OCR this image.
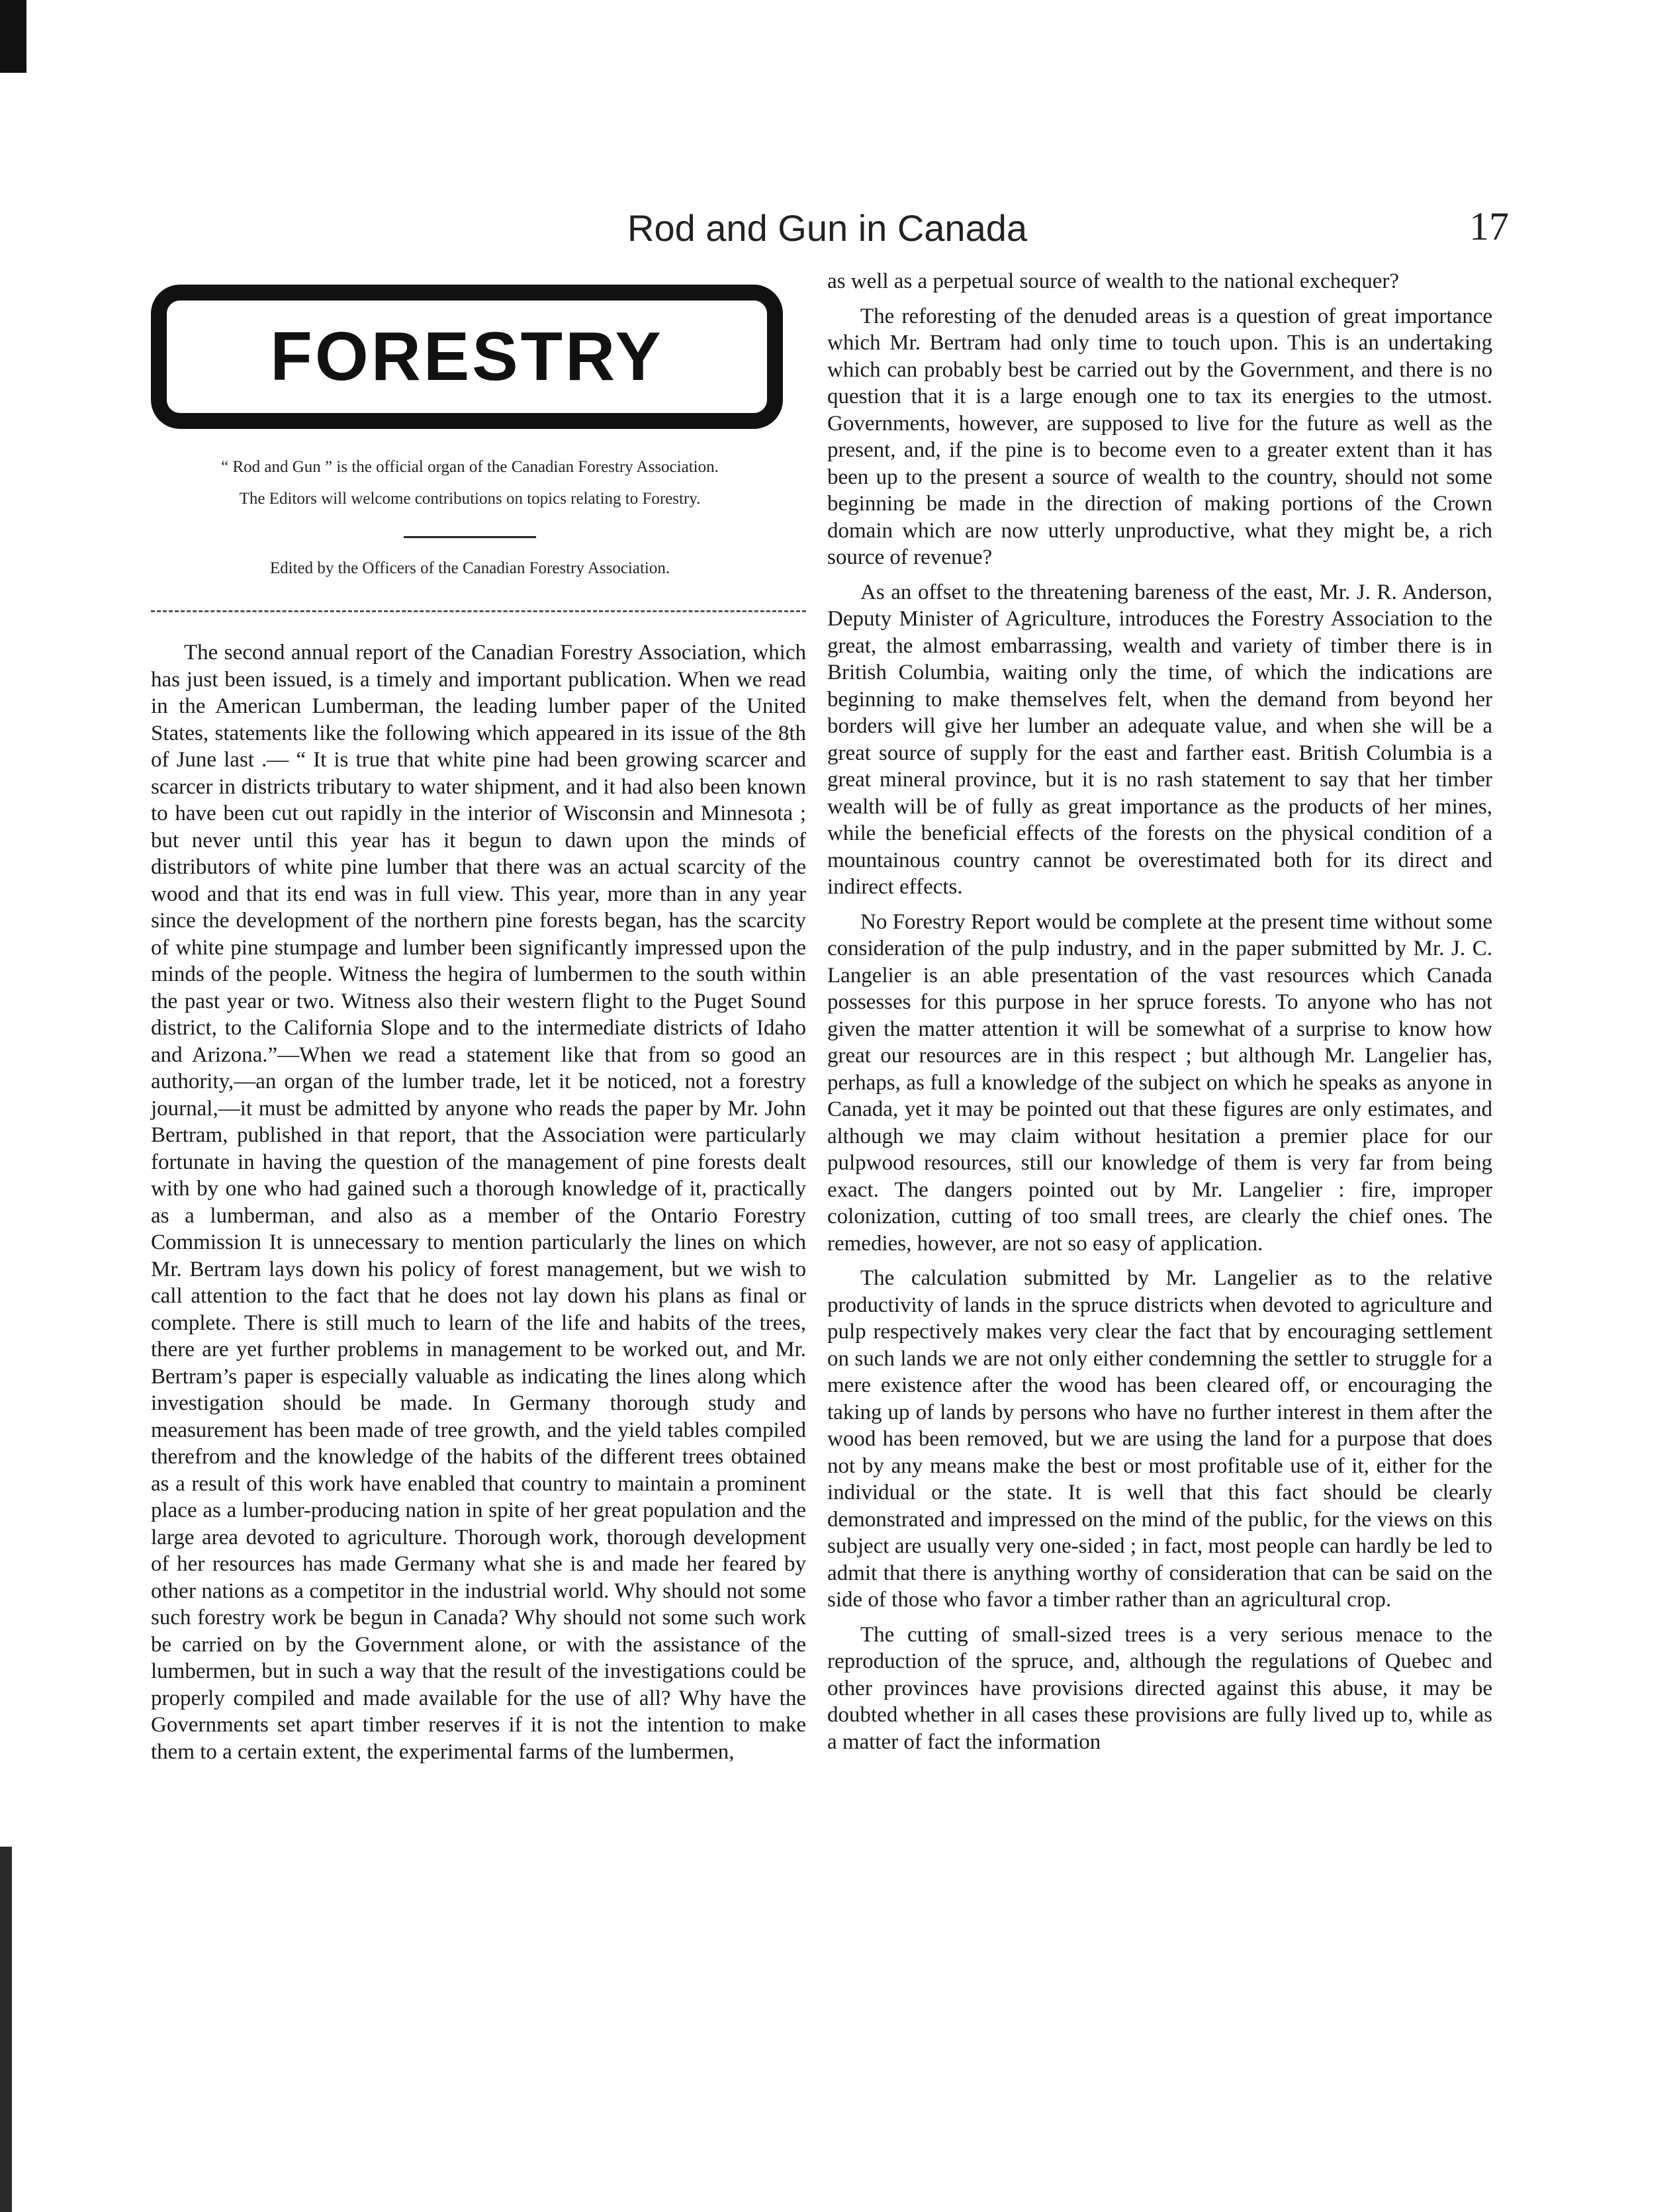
Rod and Gun in Canada	17
FORESTRY
“ Rod and Gun ” is the official organ of the Canadian Forestry Association.
The Editors will welcome contributions on topics relating to Forestry.
Edited by the Officers of the Canadian Forestry Association.

The second annual report of the Canadian Forestry Association, which has just been issued, is a timely and important publication. When we read in the American Lumberman, the leading lumber paper of the United States, statements like the following which appeared in its issue of the 8th of June last .— “ It is true that white pine had been growing scarcer and scarcer in districts tributary to water shipment, and it had also been known to have been cut out rapidly in the interior of Wisconsin and Minnesota ; but never until this year has it begun to dawn upon the minds of distributors of white pine lumber that there was an actual scarcity of the wood and that its end was in full view. This year, more than in any year since the development of the northern pine forests began, has the scarcity of white pine stumpage and lumber been significantly impressed upon the minds of the people. Witness the hegira of lumbermen to the south within the past year or two. Witness also their western flight to the Puget Sound district, to the California Slope and to the intermediate districts of Idaho and Arizona.”—When we read a statement like that from so good an authority,—an organ of the lumber trade, let it be noticed, not a forestry journal,—it must be admitted by anyone who reads the paper by Mr. John Bertram, published in that report, that the Association were particularly fortunate in having the question of the management of pine forests dealt with by one who had gained such a thorough knowledge of it, practically as a lumberman, and also as a member of the Ontario Forestry Commission It is unnecessary to mention particularly the lines on which Mr. Bertram lays down his policy of forest management, but we wish to call attention to the fact that he does not lay down his plans as final or complete. There is still much to learn of the life and habits of the trees, there are yet further problems in management to be worked out, and Mr. Bertram’s paper is especially valuable as indicating the lines along which investigation should be made. In Germany thorough study and measurement has been made of tree growth, and the yield tables compiled therefrom and the knowledge of the habits of the different trees obtained as a result of this work have enabled that country to maintain a prominent place as a lumber-producing nation in spite of her great population and the large area devoted to agriculture. Thorough work, thorough development of her resources has made Germany what she is and made her feared by other nations as a competitor in the industrial world. Why should not some such forestry work be begun in Canada? Why should not some such work be carried on by the Government alone, or with the assistance of the lumbermen, but in such a way that the result of the investigations could be properly compiled and made available for the use of all? Why have the Governments set apart timber reserves if it is not the intention to make them to a certain extent, the experimental farms of the lumbermen,

as well as a perpetual source of wealth to the national exchequer?

The reforesting of the denuded areas is a question of great importance which Mr. Bertram had only time to touch upon. This is an undertaking which can probably best be carried out by the Government, and there is no question that it is a large enough one to tax its energies to the utmost. Governments, however, are supposed to live for the future as well as the present, and, if the pine is to become even to a greater extent than it has been up to the present a source of wealth to the country, should not some beginning be made in the direction of making portions of the Crown domain which are now utterly unproductive, what they might be, a rich source of revenue?

As an offset to the threatening bareness of the east, Mr. J. R. Anderson, Deputy Minister of Agriculture, introduces the Forestry Association to the great, the almost embarrassing, wealth and variety of timber there is in British Columbia, waiting only the time, of which the indications are beginning to make themselves felt, when the demand from beyond her borders will give her lumber an adequate value, and when she will be a great source of supply for the east and farther east. British Columbia is a great mineral province, but it is no rash statement to say that her timber wealth will be of fully as great importance as the products of her mines, while the beneficial effects of the forests on the physical condition of a mountainous country cannot be overestimated both for its direct and indirect effects.

No Forestry Report would be complete at the present time without some consideration of the pulp industry, and in the paper submitted by Mr. J. C. Langelier is an able presentation of the vast resources which Canada possesses for this purpose in her spruce forests. To anyone who has not given the matter attention it will be somewhat of a surprise to know how great our resources are in this respect ; but although Mr. Langelier has, perhaps, as full a knowledge of the subject on which he speaks as anyone in Canada, yet it may be pointed out that these figures are only estimates, and although we may claim without hesitation a premier place for our pulpwood resources, still our knowledge of them is very far from being exact. The dangers pointed out by Mr. Langelier : fire, improper colonization, cutting of too small trees, are clearly the chief ones. The remedies, however, are not so easy of application.

The calculation submitted by Mr. Langelier as to the relative productivity of lands in the spruce districts when devoted to agriculture and pulp respectively makes very clear the fact that by encouraging settlement on such lands we are not only either condemning the settler to struggle for a mere existence after the wood has been cleared off, or encouraging the taking up of lands by persons who have no further interest in them after the wood has been removed, but we are using the land for a purpose that does not by any means make the best or most profitable use of it, either for the individual or the state. It is well that this fact should be clearly demonstrated and impressed on the mind of the public, for the views on this subject are usually very one-sided ; in fact, most people can hardly be led to admit that there is anything worthy of consideration that can be said on the side of those who favor a timber rather than an agricultural crop.

The cutting of small-sized trees is a very serious menace to the reproduction of the spruce, and, although the regulations of Quebec and other provinces have provisions directed against this abuse, it may be doubted whether in all cases these provisions are fully lived up to, while as a matter of fact the information
